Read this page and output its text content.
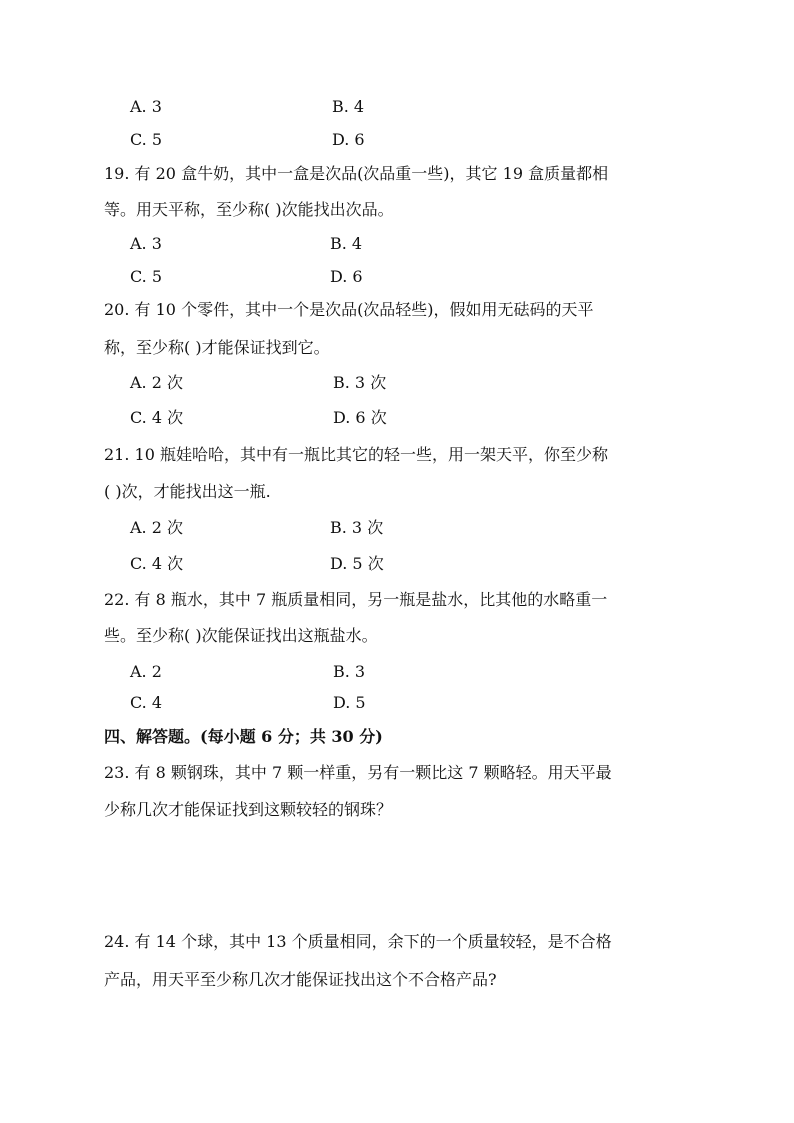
A. 3	B. 4
C. 5	D. 6
19. 有 20 盒牛奶，其中一盒是次品(次品重一些)，其它 19 盒质量都相
等。用天平称，至少称( )次能找出次品。
A. 3	B. 4
C. 5	D. 6
20. 有 10 个零件，其中一个是次品(次品轻些)，假如用无砝码的天平
称，至少称( )才能保证找到它。
A. 2 次	B. 3 次
C. 4 次	D. 6 次
21. 10 瓶娃哈哈，其中有一瓶比其它的轻一些，用一架天平，你至少称
( )次，才能找出这一瓶.
A. 2 次	B. 3 次
C. 4 次	D. 5 次
22. 有 8 瓶水，其中 7 瓶质量相同，另一瓶是盐水，比其他的水略重一
些。至少称( )次能保证找出这瓶盐水。
A. 2	B. 3
C. 4	D. 5
四、解答题。(每小题 6 分；共 30 分)
23. 有 8 颗钢珠，其中 7 颗一样重，另有一颗比这 7 颗略轻。用天平最
少称几次才能保证找到这颗较轻的钢珠？
24. 有 14 个球，其中 13 个质量相同，余下的一个质量较轻，是不合格
产品，用天平至少称几次才能保证找出这个不合格产品?
